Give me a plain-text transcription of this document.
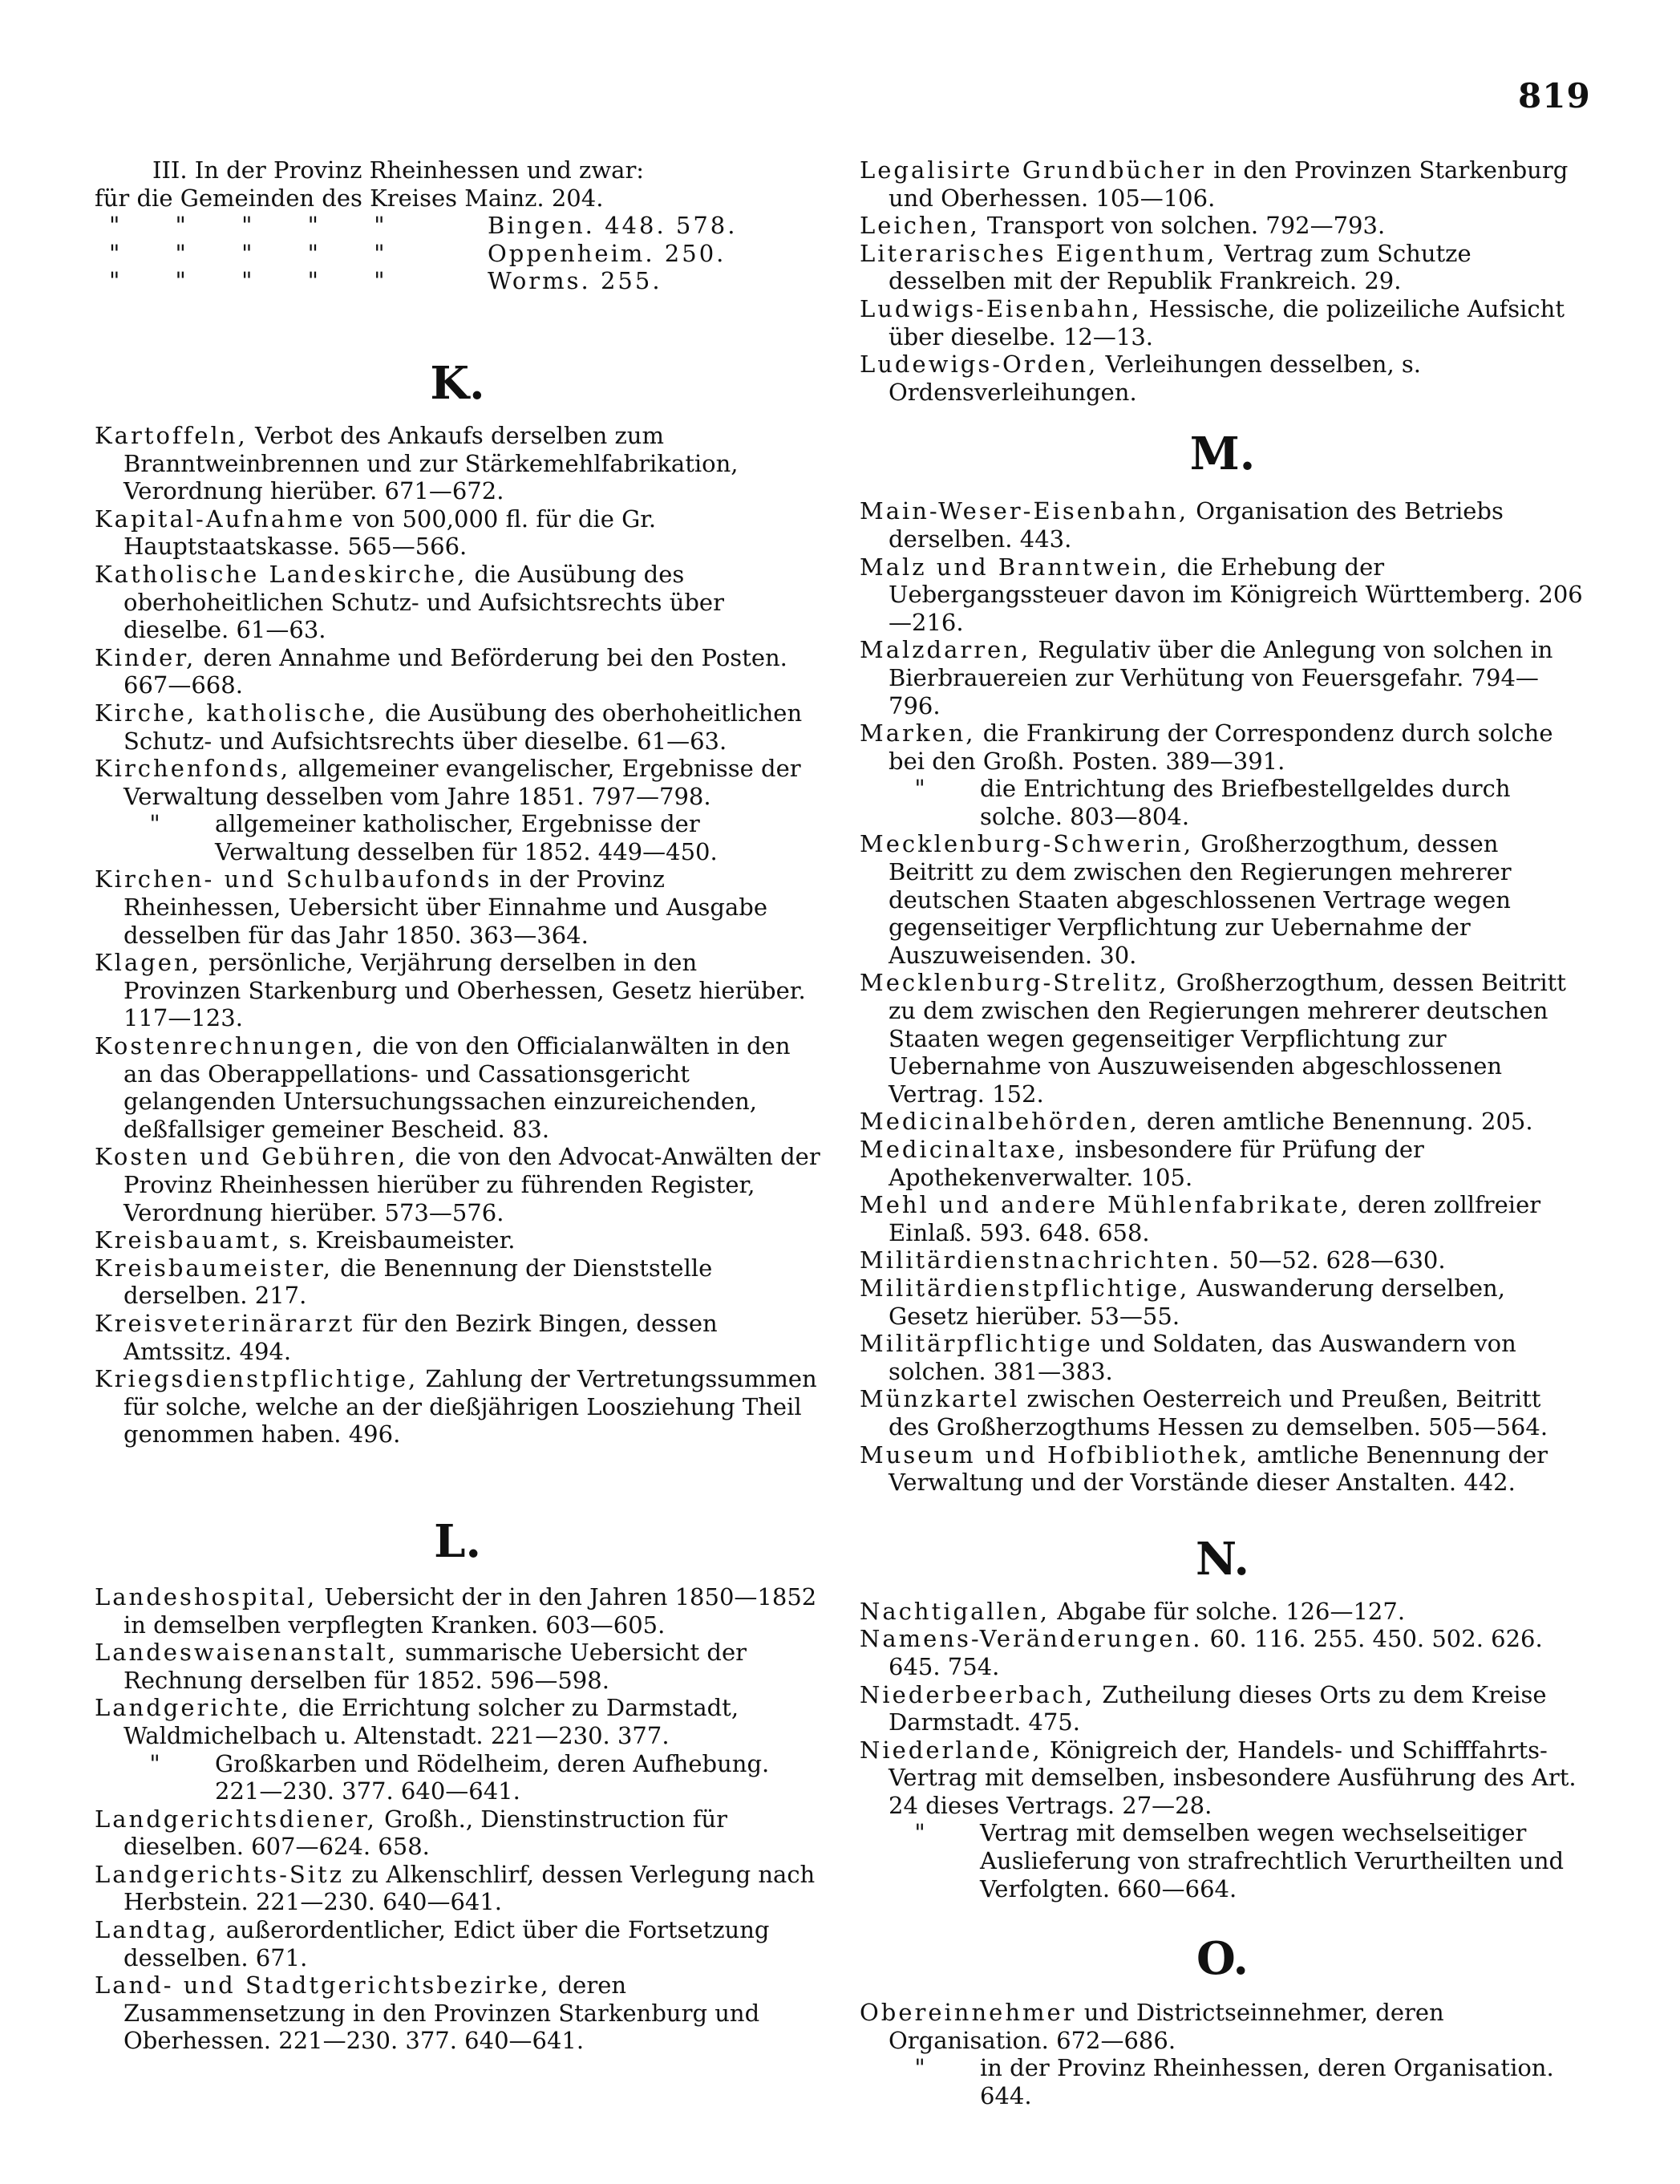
819
III. In der Provinz Rheinhessen und zwar:
für die Gemeinden des Kreises Mainz. 204.
" " " " "	Bingen. 448. 578.
" " " " "	Oppenheim. 250.
" " " " "	Worms. 255.
K.
Kartoffeln, Verbot des Ankaufs derselben zum Branntweinbrennen und zur Stärkemehlfabrikation, Verordnung hierüber. 671—672.
Kapital-Aufnahme von 500,000 fl. für die Gr. Hauptstaatskasse. 565—566.
Katholische Landeskirche, die Ausübung des oberhoheitlichen Schutz- und Aufsichtsrechts über dieselbe. 61—63.
Kinder, deren Annahme und Beförderung bei den Posten. 667—668.
Kirche, katholische, die Ausübung des oberhoheitlichen Schutz- und Aufsichtsrechts über dieselbe. 61—63.
Kirchenfonds, allgemeiner evangelischer, Ergebnisse der Verwaltung desselben vom Jahre 1851. 797—798.
"	allgemeiner katholischer, Ergebnisse der Verwaltung desselben für 1852. 449—450.
Kirchen- und Schulbaufonds in der Provinz Rheinhessen, Uebersicht über Einnahme und Ausgabe desselben für das Jahr 1850. 363—364.
Klagen, persönliche, Verjährung derselben in den Provinzen Starkenburg und Oberhessen, Gesetz hierüber. 117—123.
Kostenrechnungen, die von den Officialanwälten in den an das Oberappellations- und Cassationsgericht gelangenden Untersuchungssachen einzureichenden, deßfallsiger gemeiner Bescheid. 83.
Kosten und Gebühren, die von den Advocat-Anwälten der Provinz Rheinhessen hierüber zu führenden Register, Verordnung hierüber. 573—576.
Kreisbauamt, s. Kreisbaumeister.
Kreisbaumeister, die Benennung der Dienststelle derselben. 217.
Kreisveterinärarzt für den Bezirk Bingen, dessen Amtssitz. 494.
Kriegsdienstpflichtige, Zahlung der Vertretungssummen für solche, welche an der dießjährigen Loosziehung Theil genommen haben. 496.
L.
Landeshospital, Uebersicht der in den Jahren 1850—1852 in demselben verpflegten Kranken. 603—605.
Landeswaisenanstalt, summarische Uebersicht der Rechnung derselben für 1852. 596—598.
Landgerichte, die Errichtung solcher zu Darmstadt, Waldmichelbach u. Altenstadt. 221—230. 377.
"	Großkarben und Rödelheim, deren Aufhebung. 221—230. 377. 640—641.
Landgerichtsdiener, Großh., Dienstinstruction für dieselben. 607—624. 658.
Landgerichts-Sitz zu Alkenschlirf, dessen Verlegung nach Herbstein. 221—230. 640—641.
Landtag, außerordentlicher, Edict über die Fortsetzung desselben. 671.
Land- und Stadtgerichtsbezirke, deren Zusammensetzung in den Provinzen Starkenburg und Oberhessen. 221—230. 377. 640—641.
Legalisirte Grundbücher in den Provinzen Starkenburg und Oberhessen. 105—106.
Leichen, Transport von solchen. 792—793.
Literarisches Eigenthum, Vertrag zum Schutze desselben mit der Republik Frankreich. 29.
Ludwigs-Eisenbahn, Hessische, die polizeiliche Aufsicht über dieselbe. 12—13.
Ludewigs-Orden, Verleihungen desselben, s. Ordensverleihungen.
M.
Main-Weser-Eisenbahn, Organisation des Betriebs derselben. 443.
Malz und Branntwein, die Erhebung der Uebergangssteuer davon im Königreich Württemberg. 206—216.
Malzdarren, Regulativ über die Anlegung von solchen in Bierbrauereien zur Verhütung von Feuersgefahr. 794—796.
Marken, die Frankirung der Correspondenz durch solche bei den Großh. Posten. 389—391.
"	die Entrichtung des Briefbestellgeldes durch solche. 803—804.
Mecklenburg-Schwerin, Großherzogthum, dessen Beitritt zu dem zwischen den Regierungen mehrerer deutschen Staaten abgeschlossenen Vertrage wegen gegenseitiger Verpflichtung zur Uebernahme der Auszuweisenden. 30.
Mecklenburg-Strelitz, Großherzogthum, dessen Beitritt zu dem zwischen den Regierungen mehrerer deutschen Staaten wegen gegenseitiger Verpflichtung zur Uebernahme von Auszuweisenden abgeschlossenen Vertrag. 152.
Medicinalbehörden, deren amtliche Benennung. 205.
Medicinaltaxe, insbesondere für Prüfung der Apothekenverwalter. 105.
Mehl und andere Mühlenfabrikate, deren zollfreier Einlaß. 593. 648. 658.
Militärdienstnachrichten. 50—52. 628—630.
Militärdienstpflichtige, Auswanderung derselben, Gesetz hierüber. 53—55.
Militärpflichtige und Soldaten, das Auswandern von solchen. 381—383.
Münzkartel zwischen Oesterreich und Preußen, Beitritt des Großherzogthums Hessen zu demselben. 505—564.
Museum und Hofbibliothek, amtliche Benennung der Verwaltung und der Vorstände dieser Anstalten. 442.
N.
Nachtigallen, Abgabe für solche. 126—127.
Namens-Veränderungen. 60. 116. 255. 450. 502. 626. 645. 754.
Niederbeerbach, Zutheilung dieses Orts zu dem Kreise Darmstadt. 475.
Niederlande, Königreich der, Handels- und Schifffahrts-Vertrag mit demselben, insbesondere Ausführung des Art. 24 dieses Vertrags. 27—28.
"	Vertrag mit demselben wegen wechselseitiger Auslieferung von strafrechtlich Verurtheilten und Verfolgten. 660—664.
O.
Obereinnehmer und Districtseinnehmer, deren Organisation. 672—686.
"	in der Provinz Rheinhessen, deren Organisation. 644.
